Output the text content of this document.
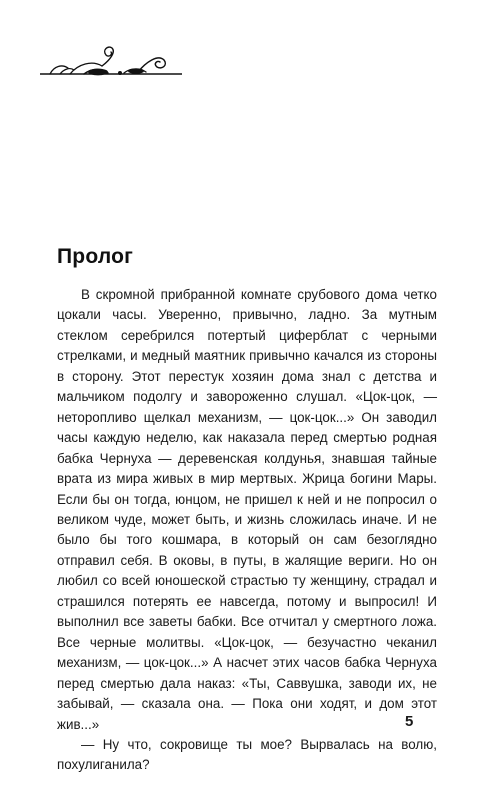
Пролог

В скромной прибранной комнате срубового дома четко цокали часы. Уверенно, привычно, ладно. За мутным стеклом серебрился потертый циферблат с черными стрелками, и медный маятник привычно качался из стороны в сторону. Этот перестук хозяин дома знал с детства и мальчиком подолгу и завороженно слушал. «Цок-цок, — неторопливо щелкал механизм, — цок-цок...» Он заводил часы каждую неделю, как наказала перед смертью родная бабка Чернуха — деревенская колдунья, знавшая тайные врата из мира живых в мир мертвых. Жрица богини Мары. Если бы он тогда, юнцом, не пришел к ней и не попросил о великом чуде, может быть, и жизнь сложилась иначе. И не было бы того кошмара, в который он сам безоглядно отправил себя. В оковы, в путы, в жалящие вериги. Но он любил со всей юношеской страстью ту женщину, страдал и страшился потерять ее навсегда, потому и выпросил! И выполнил все заветы бабки. Все отчитал у смертного ложа. Все черные молитвы. «Цок-цок, — безучастно чеканил механизм, — цок-цок...» А насчет этих часов бабка Чернуха перед смертью дала наказ: «Ты, Саввушка, заводи их, не забывай, — сказала она. — Пока они ходят, и дом этот жив...»

— Ну что, сокровище ты мое? Вырвалась на волю, похулиганила?

5
